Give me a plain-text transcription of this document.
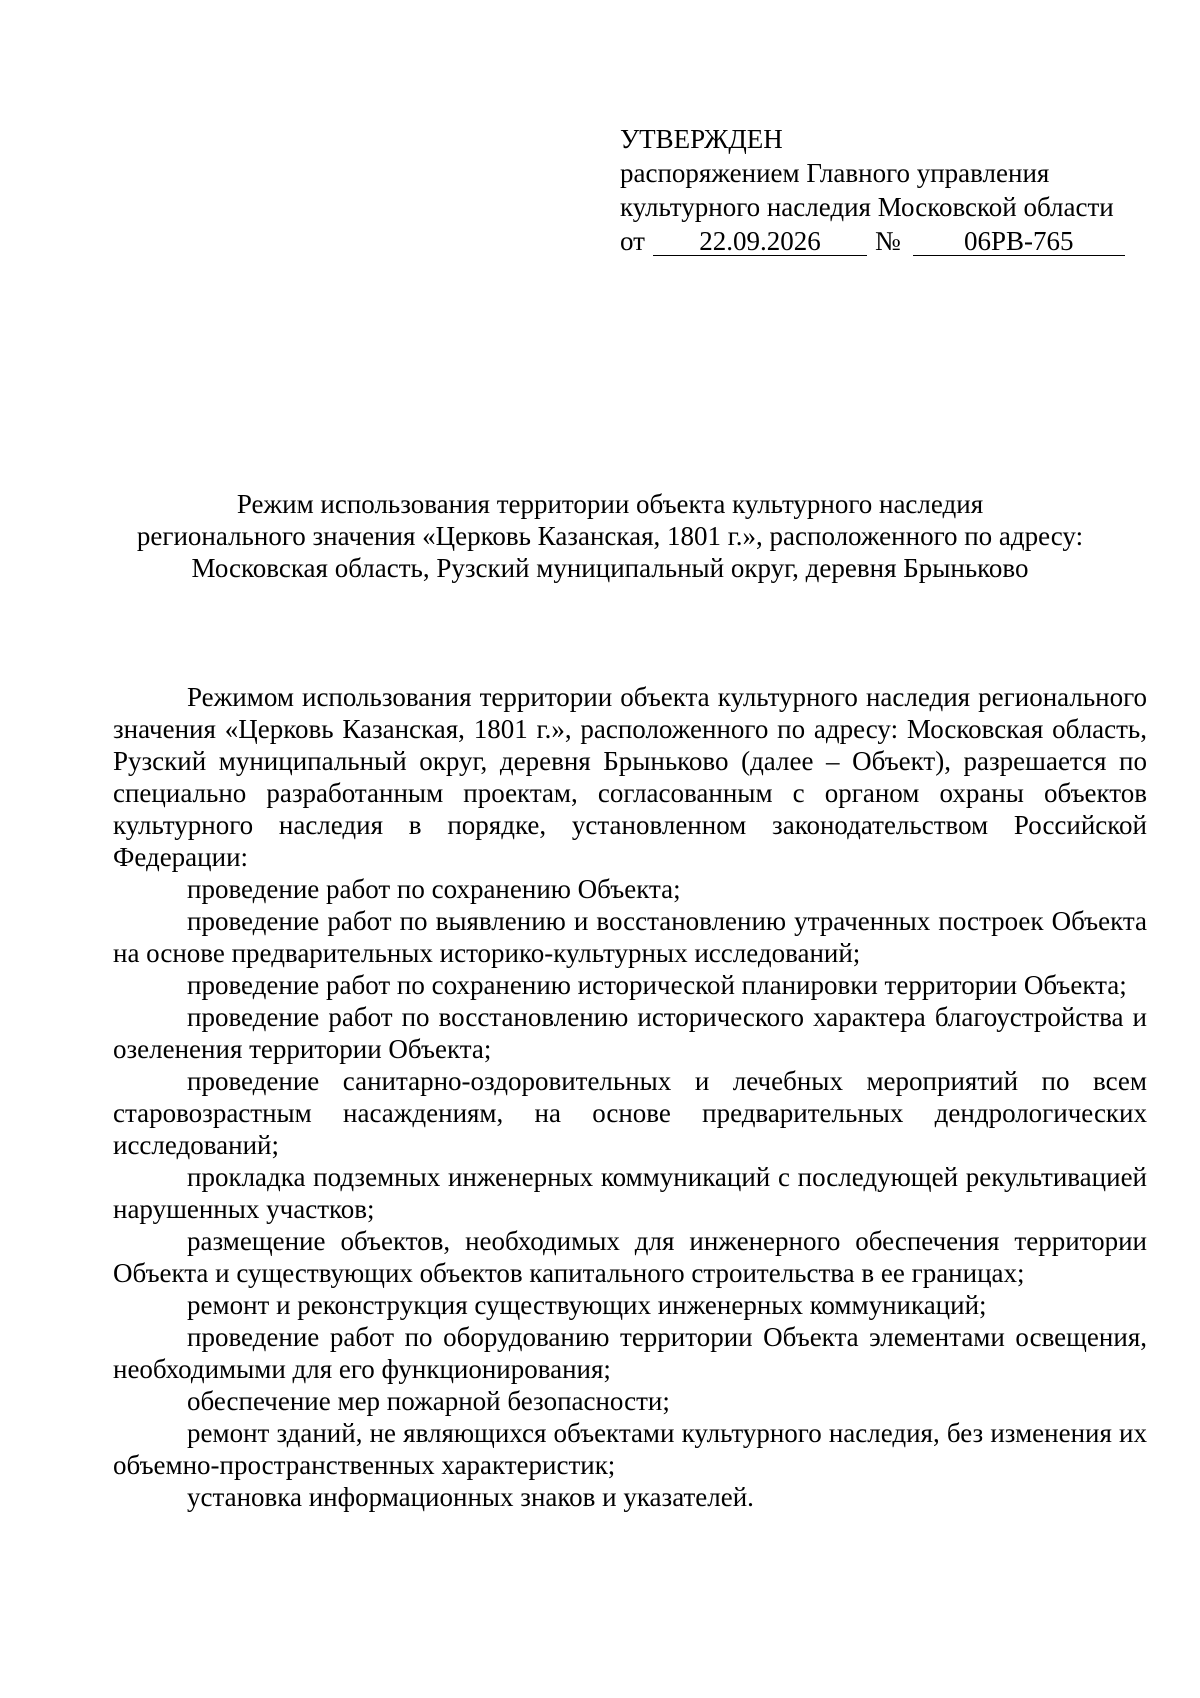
УТВЕРЖДЕН
распоряжением Главного управления
культурного наследия Московской области
от	22.09.2026	№	06РВ-765
Режим использования территории объекта культурного наследия
регионального значения «Церковь Казанская, 1801 г.», расположенного по адресу:
Московская область, Рузский муниципальный округ, деревня Брыньково

Режимом использования территории объекта культурного наследия регионального значения «Церковь Казанская, 1801 г.», расположенного по адресу: Московская область, Рузский муниципальный округ, деревня Брыньково (далее – Объект), разрешается по специально разработанным проектам, согласованным с органом охраны объектов культурного наследия в порядке, установленном законодательством Российской Федерации:

проведение работ по сохранению Объекта;

проведение работ по выявлению и восстановлению утраченных построек Объекта на основе предварительных историко-культурных исследований;

проведение работ по сохранению исторической планировки территории Объекта;

проведение работ по восстановлению исторического характера благоустройства и озеленения территории Объекта;

проведение санитарно-оздоровительных и лечебных мероприятий по всем старовозрастным насаждениям, на основе предварительных дендрологических исследований;

прокладка подземных инженерных коммуникаций с последующей рекультивацией нарушенных участков;

размещение объектов, необходимых для инженерного обеспечения территории Объекта и существующих объектов капитального строительства в ее границах;

ремонт и реконструкция существующих инженерных коммуникаций;

проведение работ по оборудованию территории Объекта элементами освещения, необходимыми для его функционирования;

обеспечение мер пожарной безопасности;

ремонт зданий, не являющихся объектами культурного наследия, без изменения их объемно-пространственных характеристик;

установка информационных знаков и указателей.
